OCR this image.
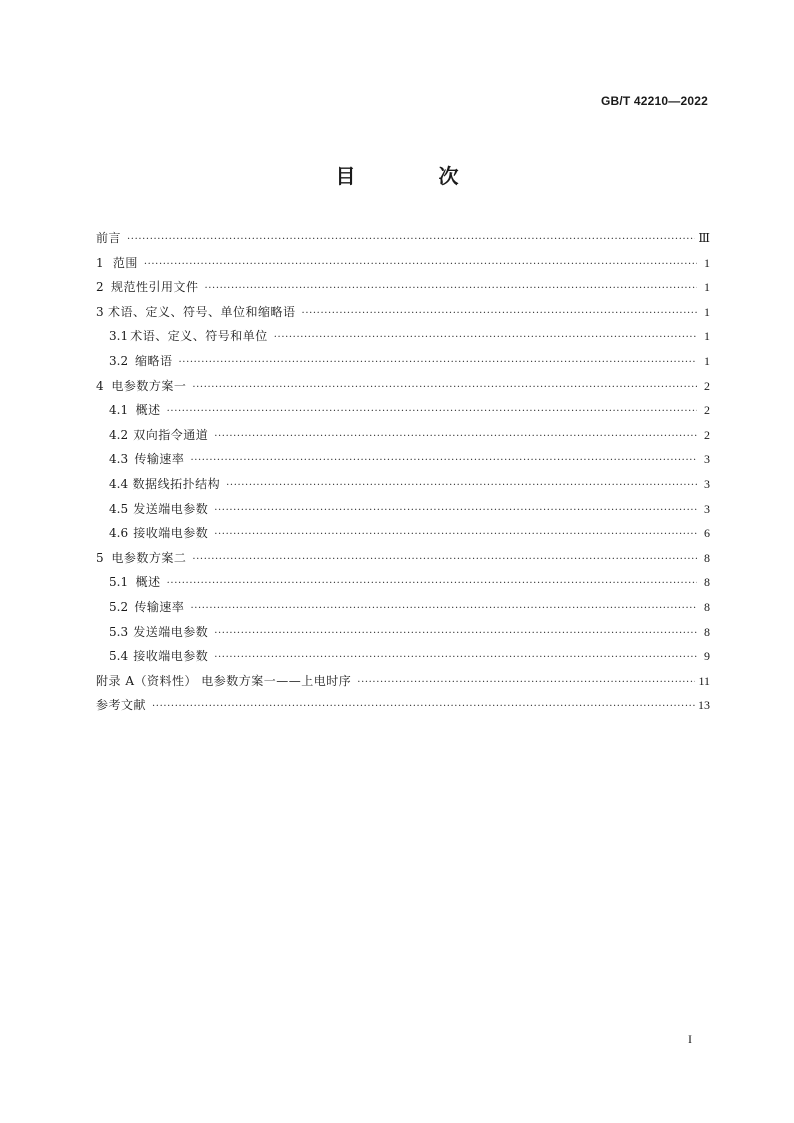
GB/T 42210—2022
目 次
前言 ·····	Ⅲ
1 范围 ·····	1
2 规范性引用文件 ·····	1
3 术语、定义、符号、单位和缩略语 ·····	1
3.1 术语、定义、符号和单位 ·····	1
3.2 缩略语 ·····	1
4 电参数方案一 ·····	2
4.1 概述 ·····	2
4.2 双向指令通道 ·····	2
4.3 传输速率 ·····	3
4.4 数据线拓扑结构 ·····	3
4.5 发送端电参数 ·····	3
4.6 接收端电参数 ·····	6
5 电参数方案二 ·····	8
5.1 概述 ·····	8
5.2 传输速率 ·····	8
5.3 发送端电参数 ·····	8
5.4 接收端电参数 ·····	9
附录 A（资料性） 电参数方案一——上电时序 ·····	11
参考文献 ·····	13
I
